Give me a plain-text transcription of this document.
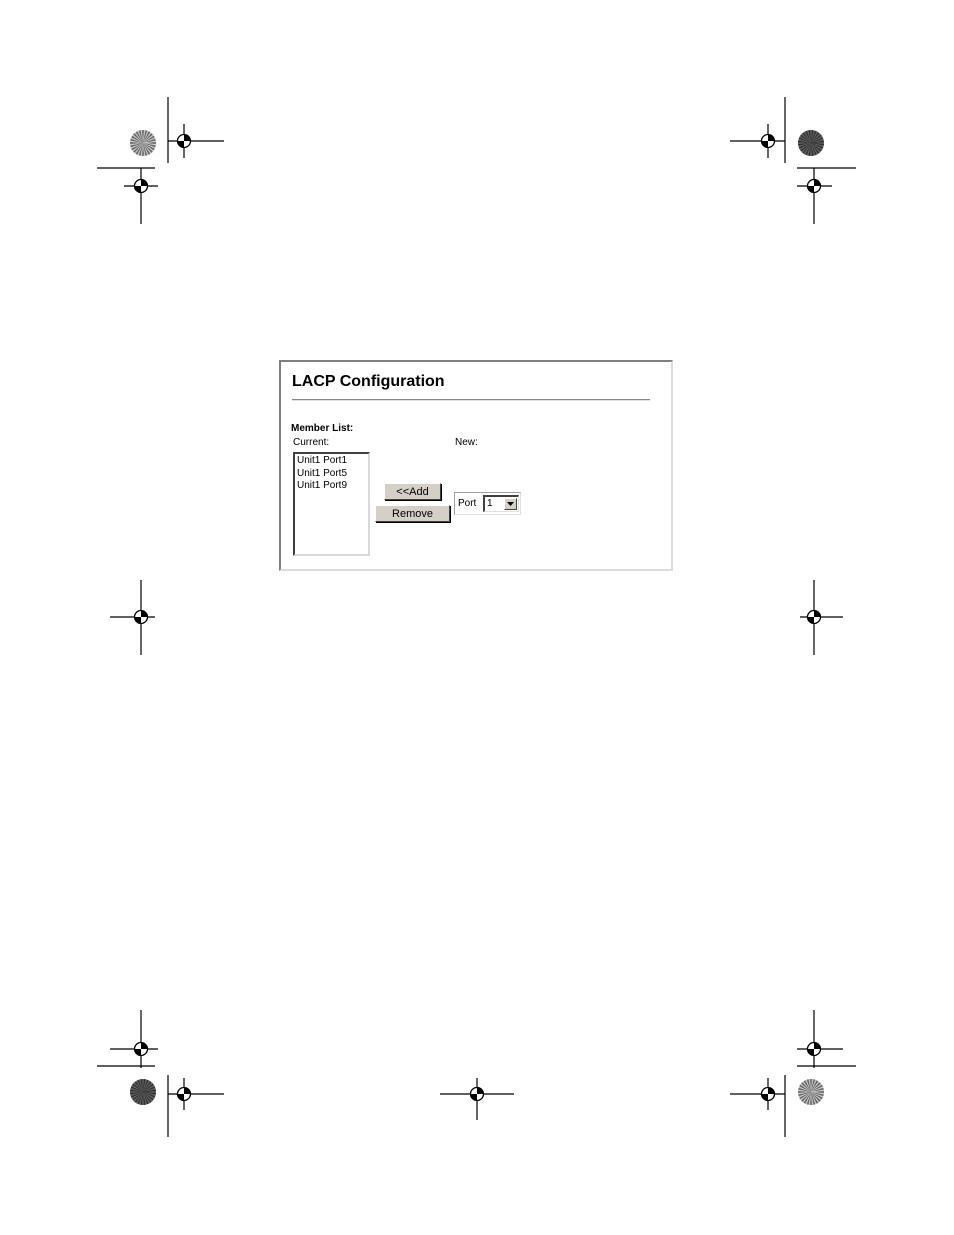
LACP Configuration
Member List:
Current:	New:
Unit1 Port1
Unit1 Port5
Unit1 Port9	<<Add
Remove
Port 1
